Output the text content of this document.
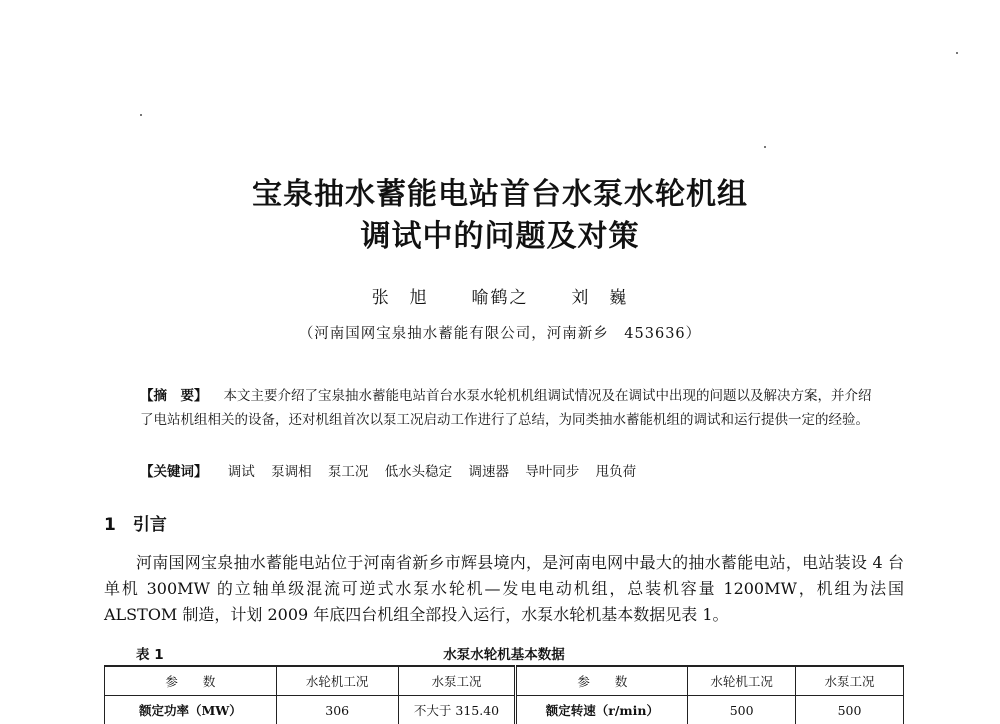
宝泉抽水蓄能电站首台水泵水轮机组
调试中的问题及对策
张　旭	喻鹤之	刘　巍
（河南国网宝泉抽水蓄能有限公司，河南新乡　453636）
【摘　要】 本文主要介绍了宝泉抽水蓄能电站首台水泵水轮机机组调试情况及在调试中出现的问题以及解决方案，并介绍了电站机组相关的设备，还对机组首次以泵工况启动工作进行了总结，为同类抽水蓄能机组的调试和运行提供一定的经验。
【关键词】 调试 泵调相 泵工况 低水头稳定 调速器 导叶同步 甩负荷
1　引言
河南国网宝泉抽水蓄能电站位于河南省新乡市辉县境内，是河南电网中最大的抽水蓄能电站，电站装设 4 台单机 300MW 的立轴单级混流可逆式水泵水轮机—发电电动机组，总装机容量 1200MW，机组为法国 ALSTOM 制造，计划 2009 年底四台机组全部投入运行，水泵水轮机基本数据见表 1。
表 1	水泵水轮机基本数据
参　　数	水轮机工况	水泵工况	参　　数	水轮机工况	水泵工况
额定功率（MW）	306	不大于 315.40	额定转速（r/min）	500	500
